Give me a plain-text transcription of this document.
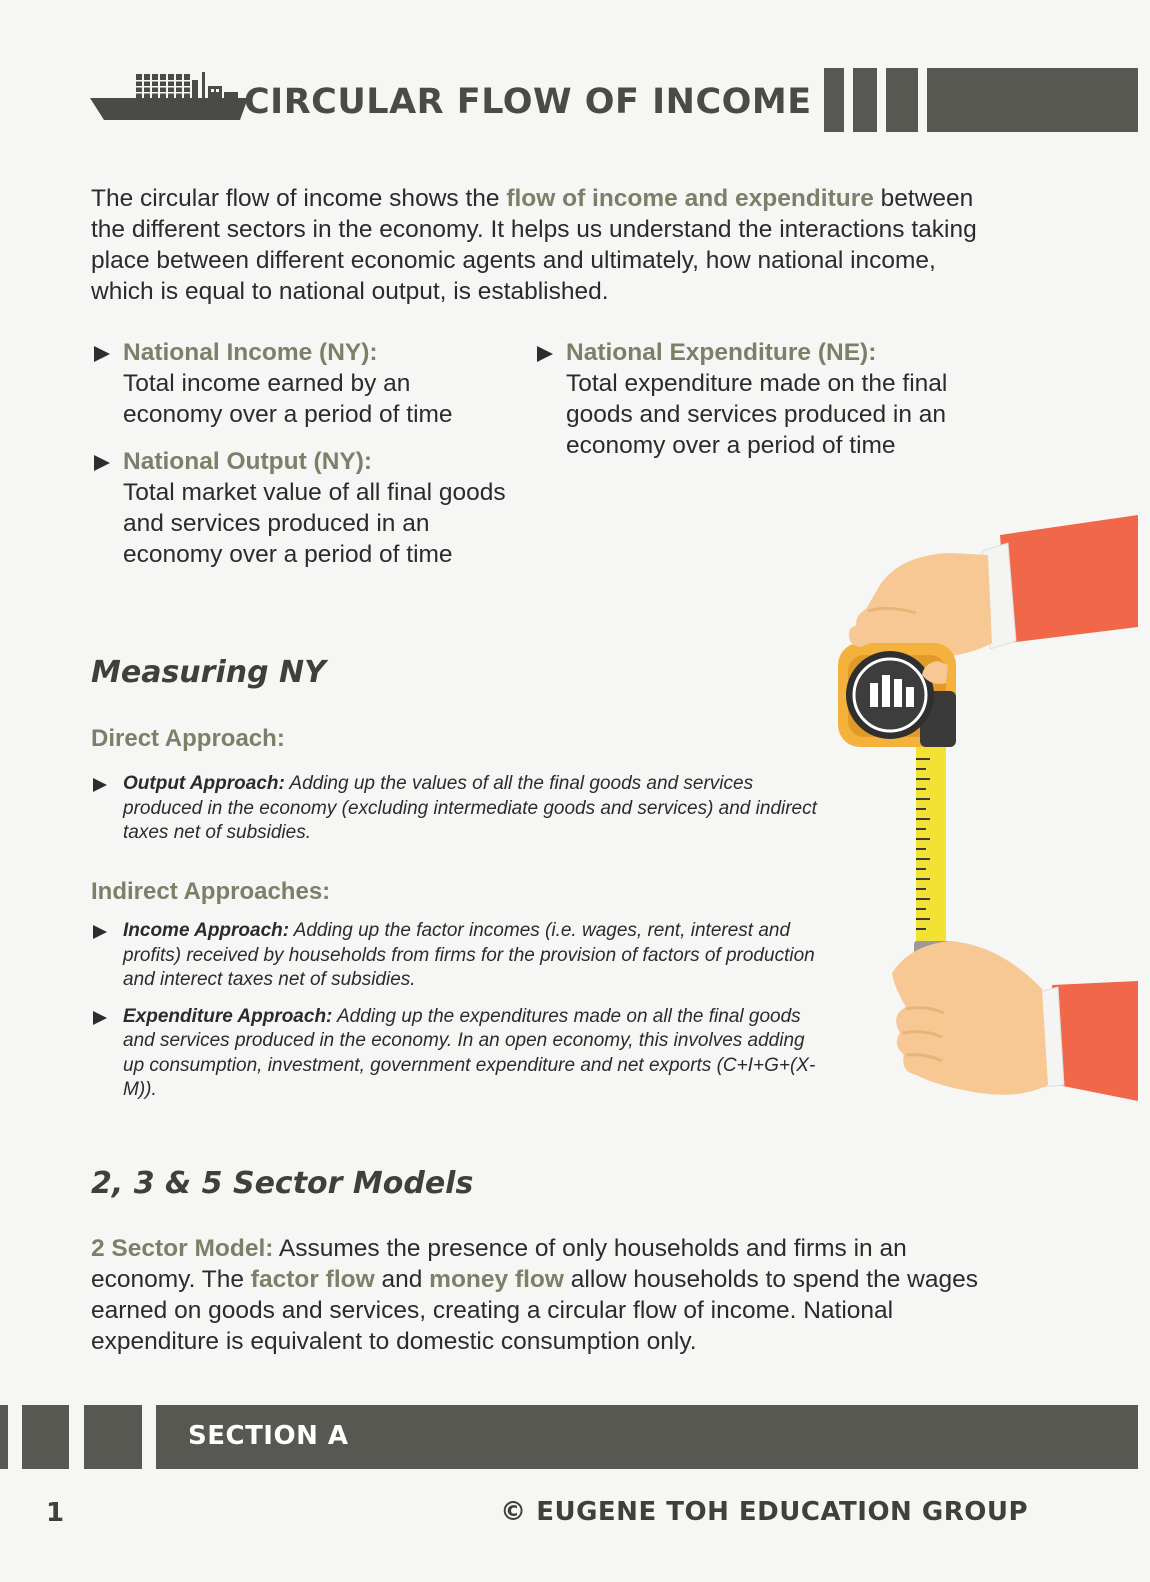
CIRCULAR FLOW OF INCOME

The circular flow of income shows the flow of income and expenditure between the different sectors in the economy. It helps us understand the interactions taking place between different economic agents and ultimately, how national income, which is equal to national output, is established.

National Income (NY):
Total income earned by an economy over a period of time
National Output (NY):
Total market value of all final goods and services produced in an economy over a period of time
National Expenditure (NE):
Total expenditure made on the final goods and services produced in an economy over a period of time
Measuring NY
Direct Approach:
Output Approach: Adding up the values of all the final goods and services produced in the economy (excluding intermediate goods and services) and indirect taxes net of subsidies.
Indirect Approaches:
Income Approach: Adding up the factor incomes (i.e. wages, rent, interest and profits) received by households from firms for the provision of factors of production and interect taxes net of subsidies.
Expenditure Approach: Adding up the expenditures made on all the final goods and services produced in the economy. In an open economy, this involves adding up consumption, investment, government expenditure and net exports (C+I+G+(X-M)).
2, 3 & 5 Sector Models

2 Sector Model: Assumes the presence of only households and firms in an economy. The factor flow and money flow allow households to spend the wages earned on goods and services, creating a circular flow of income. National expenditure is equivalent to domestic consumption only.

SECTION A
1	© EUGENE TOH EDUCATION GROUP
